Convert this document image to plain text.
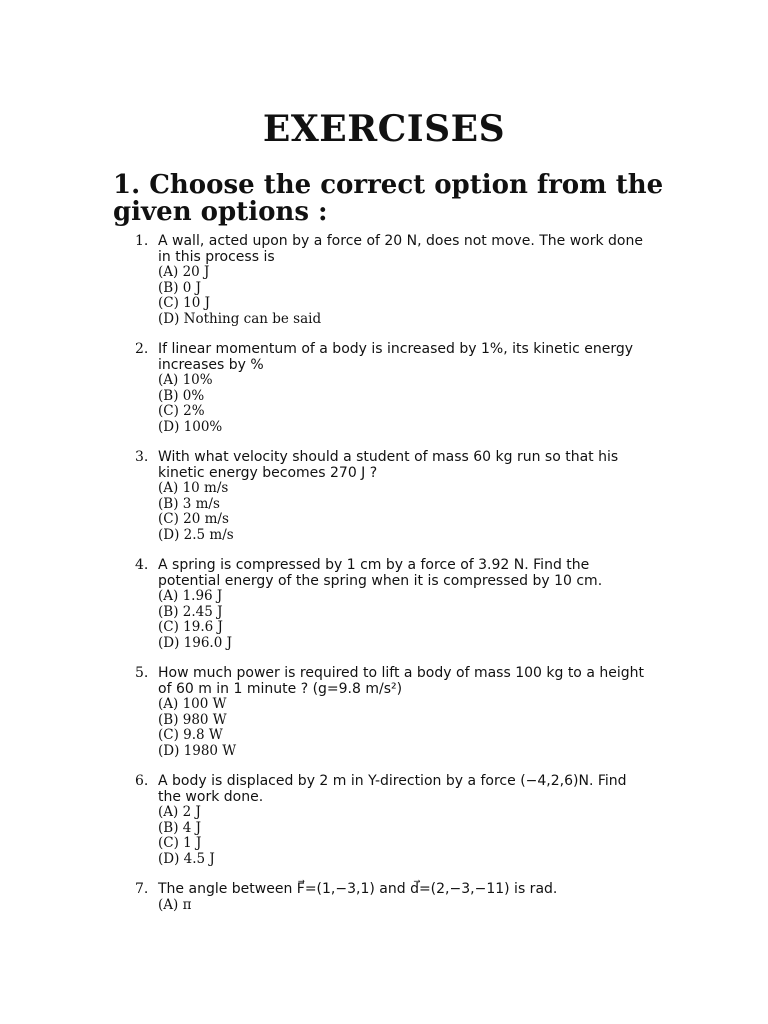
EXERCISES
1. Choose the correct option from the given options :
1. A wall, acted upon by a force of 20 N, does not move. The work done in this process is
(A) 20 J
(B) 0 J
(C) 10 J
(D) Nothing can be said
2. If linear momentum of a body is increased by 1%, its kinetic energy increases by %
(A) 10%
(B) 0%
(C) 2%
(D) 100%
3. With what velocity should a student of mass 60 kg run so that his kinetic energy becomes 270 J ?
(A) 10 m/s
(B) 3 m/s
(C) 20 m/s
(D) 2.5 m/s
4. A spring is compressed by 1 cm by a force of 3.92 N. Find the potential energy of the spring when it is compressed by 10 cm.
(A) 1.96 J
(B) 2.45 J
(C) 19.6 J
(D) 196.0 J
5. How much power is required to lift a body of mass 100 kg to a height of 60 m in 1 minute ? (g=9.8 m/s²)
(A) 100 W
(B) 980 W
(C) 9.8 W
(D) 1980 W
6. A body is displaced by 2 m in Y-direction by a force (−4,2,6)N. Find the work done.
(A) 2 J
(B) 4 J
(C) 1 J
(D) 4.5 J
7. The angle between F⃗=(1,−3,1) and d⃗=(2,−3,−11) is rad.
(A) π
